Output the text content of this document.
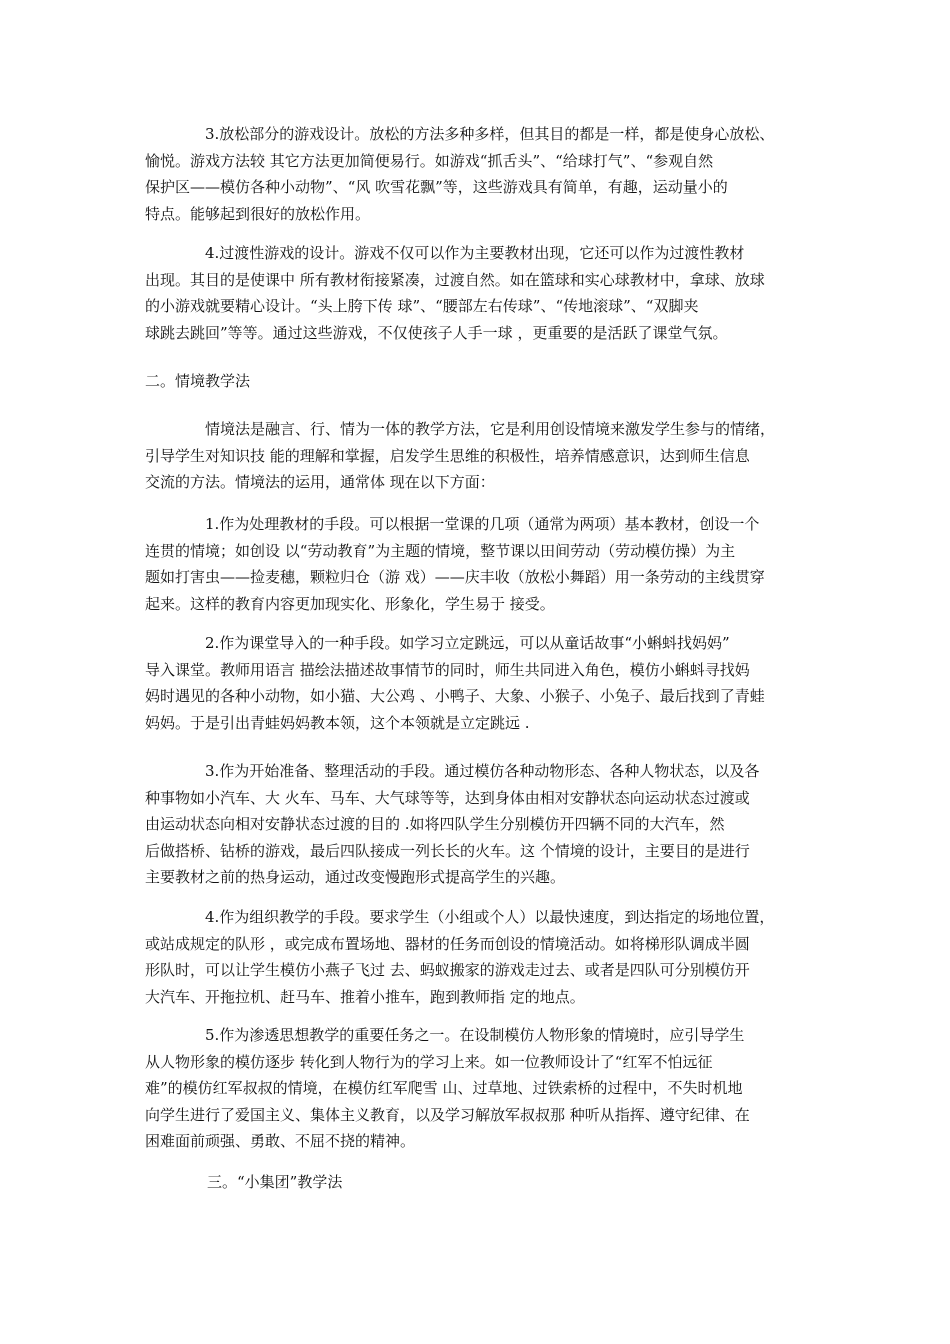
3.放松部分的游戏设计。放松的方法多种多样，但其目的都是一样，都是使身心放松、
愉悦。游戏方法较 其它方法更加简便易行。如游戏“抓舌头”、“给球打气”、“参观自然
保护区——模仿各种小动物”、“风 吹雪花飘”等，这些游戏具有简单，有趣，运动量小的
特点。能够起到很好的放松作用。
4.过渡性游戏的设计。游戏不仅可以作为主要教材出现，它还可以作为过渡性教材
出现。其目的是使课中 所有教材衔接紧凑，过渡自然。如在篮球和实心球教材中，拿球、放球
的小游戏就要精心设计。“头上胯下传 球”、“腰部左右传球”、“传地滚球”、“双脚夹
球跳去跳回”等等。通过这些游戏，不仅使孩子人手一球 ，更重要的是活跃了课堂气氛。
二。情境教学法
情境法是融言、行、情为一体的教学方法，它是利用创设情境来激发学生参与的情绪，
引导学生对知识技 能的理解和掌握，启发学生思维的积极性，培养情感意识，达到师生信息
交流的方法。情境法的运用，通常体 现在以下方面：
1.作为处理教材的手段。可以根据一堂课的几项（通常为两项）基本教材，创设一个
连贯的情境；如创设 以“劳动教育”为主题的情境，整节课以田间劳动（劳动模仿操）为主
题如打害虫——捡麦穗，颗粒归仓（游 戏）——庆丰收（放松小舞蹈）用一条劳动的主线贯穿
起来。这样的教育内容更加现实化、形象化，学生易于 接受。
2.作为课堂导入的一种手段。如学习立定跳远，可以从童话故事“小蝌蚪找妈妈”
导入课堂。教师用语言 描绘法描述故事情节的同时，师生共同进入角色，模仿小蝌蚪寻找妈
妈时遇见的各种小动物，如小猫、大公鸡 、小鸭子、大象、小猴子、小兔子、最后找到了青蛙
妈妈。于是引出青蛙妈妈教本领，这个本领就是立定跳远 .
3.作为开始准备、整理活动的手段。通过模仿各种动物形态、各种人物状态，以及各
种事物如小汽车、大 火车、马车、大气球等等，达到身体由相对安静状态向运动状态过渡或
由运动状态向相对安静状态过渡的目的 .如将四队学生分别模仿开四辆不同的大汽车，然
后做搭桥、钻桥的游戏，最后四队接成一列长长的火车。这 个情境的设计，主要目的是进行
主要教材之前的热身运动，通过改变慢跑形式提高学生的兴趣。
4.作为组织教学的手段。要求学生（小组或个人）以最快速度，到达指定的场地位置，
或站成规定的队形 ，或完成布置场地、器材的任务而创设的情境活动。如将梯形队调成半圆
形队时，可以让学生模仿小燕子飞过 去、蚂蚁搬家的游戏走过去、或者是四队可分别模仿开
大汽车、开拖拉机、赶马车、推着小推车，跑到教师指 定的地点。
5.作为渗透思想教学的重要任务之一。在设制模仿人物形象的情境时，应引导学生
从人物形象的模仿逐步 转化到人物行为的学习上来。如一位教师设计了“红军不怕远征
难”的模仿红军叔叔的情境，在模仿红军爬雪 山、过草地、过铁索桥的过程中，不失时机地
向学生进行了爱国主义、集体主义教育，以及学习解放军叔叔那 种听从指挥、遵守纪律、在
困难面前顽强、勇敢、不屈不挠的精神。
三。“小集团”教学法
